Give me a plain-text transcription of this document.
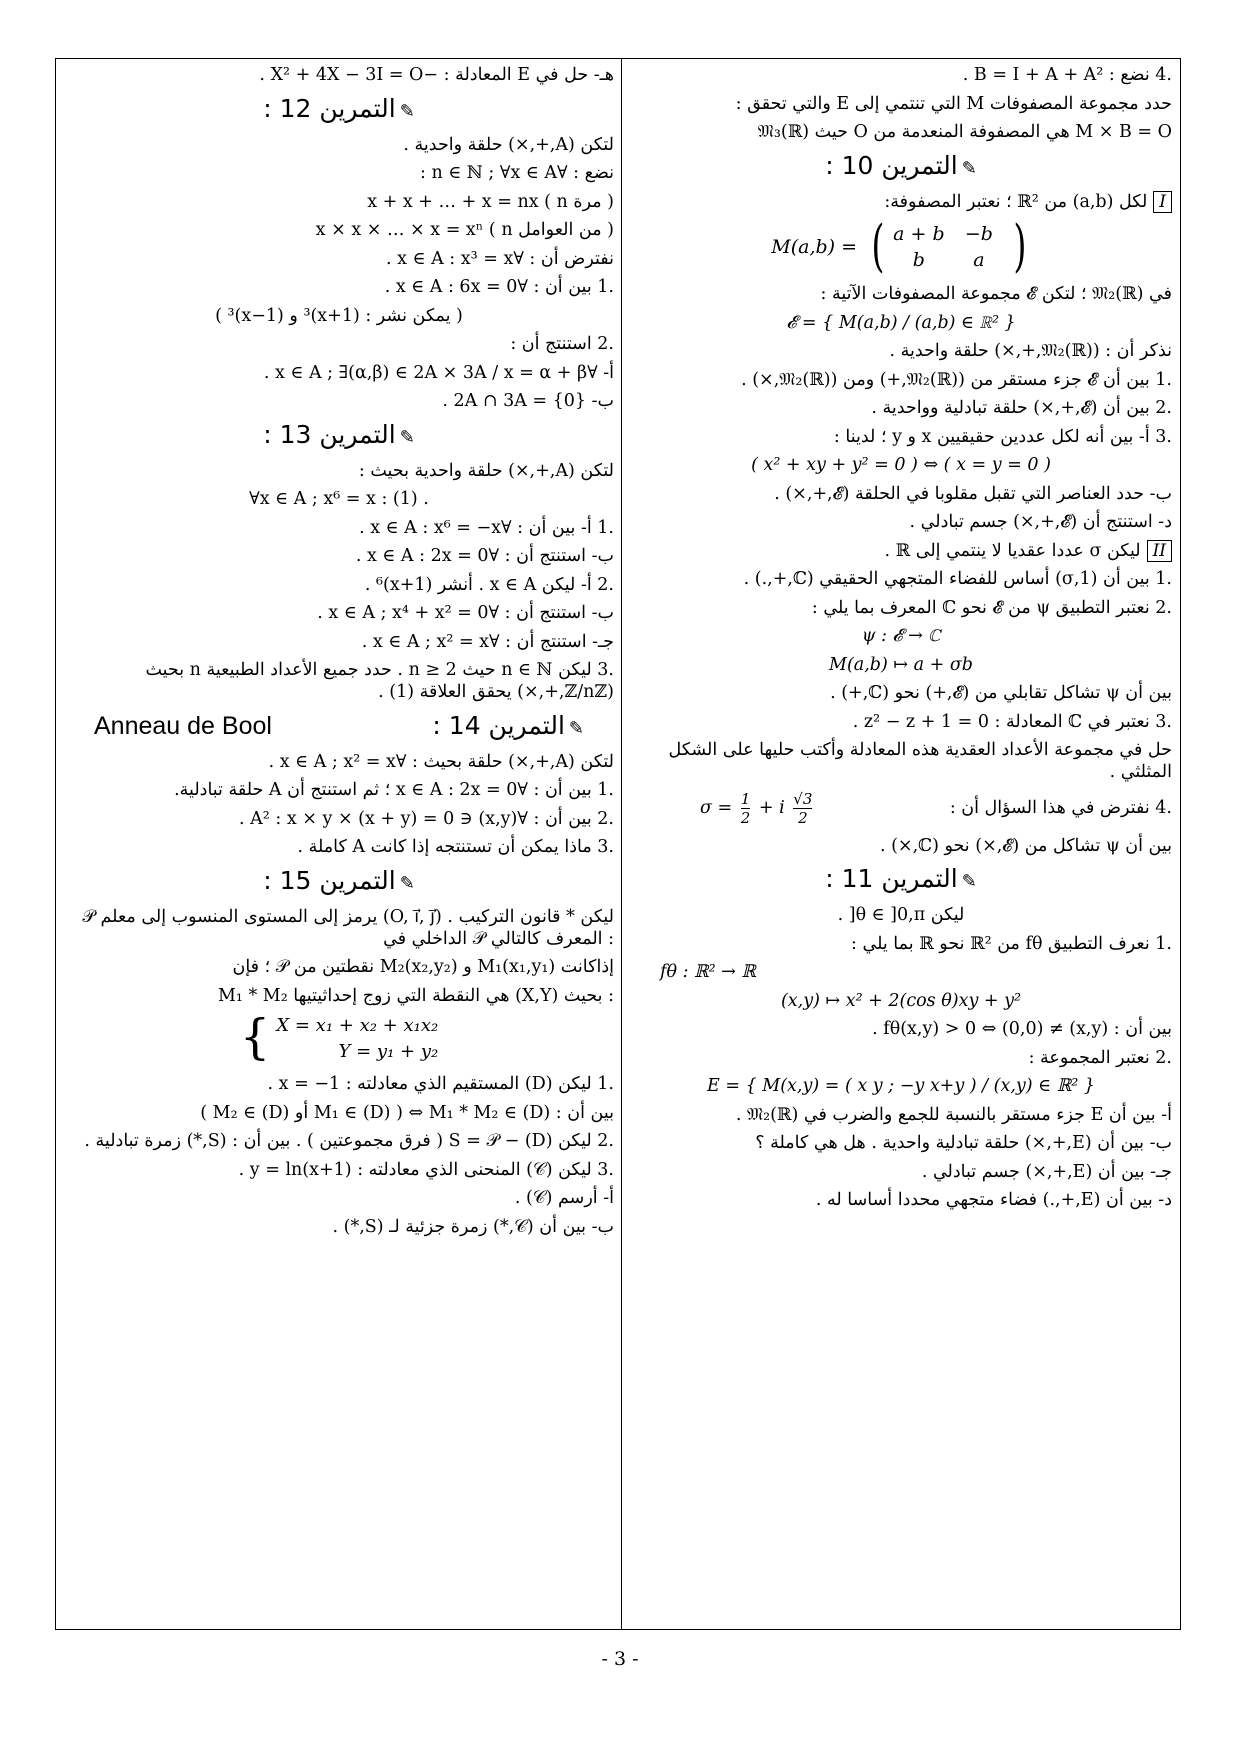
.4 نضع : B = I + A + A² .
حدد مجموعة المصفوفات M التي تنتمي إلى E والتي تحقق :
𝔐₃(ℝ) حيث O هي المصفوفة المنعدمة من M × B = O
✎التمرين 10 :
Iلكل (a,b) من ℝ² ؛ نعتبر المصفوفة:
M(a,b) = ( a + b	−b
b	a )
في 𝔐₂(ℝ) ؛ لتكن 𝓔 مجموعة المصفوفات الآتية :
𝓔 = { M(a,b) / (a,b) ∈ ℝ² }
نذكر أن : (𝔐₂(ℝ),+,×) حلقة واحدية .
.1 بين أن 𝓔 جزء مستقر من (𝔐₂(ℝ),+) ومن (𝔐₂(ℝ),×) .
.2 بين أن (𝓔,+,×) حلقة تبادلية وواحدية .
.3 أ- بين أنه لكل عددين حقيقيين x و y ؛ لدينا :
( x² + xy + y² = 0 ) ⇔ ( x = y = 0 )
ب- حدد العناصر التي تقبل مقلوبا في الحلقة (𝓔,+,×) .
د- استنتج أن (𝓔,+,×) جسم تبادلي .
IIليكن σ عددا عقديا لا ينتمي إلى ℝ .
.1 بين أن (1,σ) أساس للفضاء المتجهي الحقيقي (ℂ,+,.) .
.2 نعتبر التطبيق ψ من 𝓔 نحو ℂ المعرف بما يلي :
ψ : 𝓔 → ℂ
M(a,b) ↦ a + σb
بين أن ψ تشاكل تقابلي من (𝓔,+) نحو (ℂ,+) .
.3 نعتبر في ℂ المعادلة : z² − z + 1 = 0 .
حل في مجموعة الأعداد العقدية هذه المعادلة وأكتب حليها على الشكل المثلثي .
.4 نفترض في هذا السؤال أن :
$\sigma = \frac{1}{2} + i \frac{√3}{2}$
بين أن ψ تشاكل من (𝓔,×) نحو (ℂ,×) .
✎التمرين 11 :
ليكن θ ∈ ]0,π[ .
.1 نعرف التطبيق fθ من ℝ² نحو ℝ بما يلي :
fθ : ℝ² → ℝ
(x,y) ↦ x² + 2(cos θ)xy + y²
بين أن : (x,y) ≠ (0,0) ⇔ fθ(x,y) > 0 .
.2 نعتبر المجموعة :
E = { M(x,y) = ( x y ; −y x+y ) / (x,y) ∈ ℝ² }
أ- بين أن E جزء مستقر بالنسبة للجمع والضرب في 𝔐₂(ℝ) .
ب- بين أن (E,+,×) حلقة تبادلية واحدية . هل هي كاملة ؟
جـ- بين أن (E,+,×) جسم تبادلي .
د- بين أن (E,+,.) فضاء متجهي محددا أساسا له .
هـ- حل في E المعادلة : −X² + 4X − 3I = O .
✎التمرين 12 :
لتكن (A,+,×) حلقة واحدية .
نضع : ∀n ∈ ℕ ; ∀x ∈ A :
x + x + … + x = nx ( n مرة )
x × x × … × x = xⁿ ( n من العوامل )
نفترض أن : ∀x ∈ A : x³ = x .
.1 بين أن : ∀x ∈ A : 6x = 0 .
( يمكن نشر : (x+1)³ و (x−1)³ )
.2 استنتج أن :
أ- ∀x ∈ A ; ∃(α,β) ∈ 2A × 3A / x = α + β .
ب- 2A ∩ 3A = {0} .
✎التمرين 13 :
لتكن (A,+,×) حلقة واحدية بحيث :
∀x ∈ A ; x⁶ = x : (1) .
.1 أ- بين أن : ∀x ∈ A : x⁶ = −x .
ب- استنتج أن : ∀x ∈ A : 2x = 0 .
.2 أ- ليكن x ∈ A . أنشر (x+1)⁶ .
ب- استنتج أن : ∀x ∈ A ; x⁴ + x² = 0 .
جـ- استنتج أن : ∀x ∈ A ; x² = x .
.3 ليكن n ∈ ℕ حيث n ≥ 2 . حدد جميع الأعداد الطبيعية n بحيث (ℤ/nℤ,+,×) يحقق العلاقة (1) .
Anneau de Bool	✎التمرين 14 :
لتكن (A,+,×) حلقة بحيث : ∀x ∈ A ; x² = x .
.1 بين أن : ∀x ∈ A : 2x = 0 ؛ ثم استنتج أن A حلقة تبادلية.
.2 بين أن : ∀(x,y) ∈ A² : x × y × (x + y) = 0 .
.3 ماذا يمكن أن تستنتجه إذا كانت A كاملة .
✎التمرين 15 :
𝒫 يرمز إلى المستوى المنسوب إلى معلم (O, i⃗, j⃗) . ليكن * قانون التركيب الداخلي في 𝒫 المعرف كالتالي :
إذاكانت M₁(x₁,y₁) و M₂(x₂,y₂) نقطتين من 𝒫 ؛ فإن
M₁ * M₂ هي النقطة التي زوج إحداثيتيها (X,Y) بحيث :
{ X = x₁ + x₂ + x₁x₂
Y = y₁ + y₂
.1 ليكن (D) المستقيم الذي معادلته : x = −1 .
بين أن : M₁ * M₂ ∈ (D) ⇔ ( M₁ ∈ (D) أو M₂ ∈ (D) )
.2 ليكن S = 𝒫 − (D) ( فرق مجموعتين ) . بين أن : (S,*) زمرة تبادلية .
.3 ليكن (𝒞) المنحنى الذي معادلته : y = ln(x+1) .
أ- أرسم (𝒞) .
ب- بين أن (𝒞,*) زمرة جزئية لـ (S,*) .
- 3 -
